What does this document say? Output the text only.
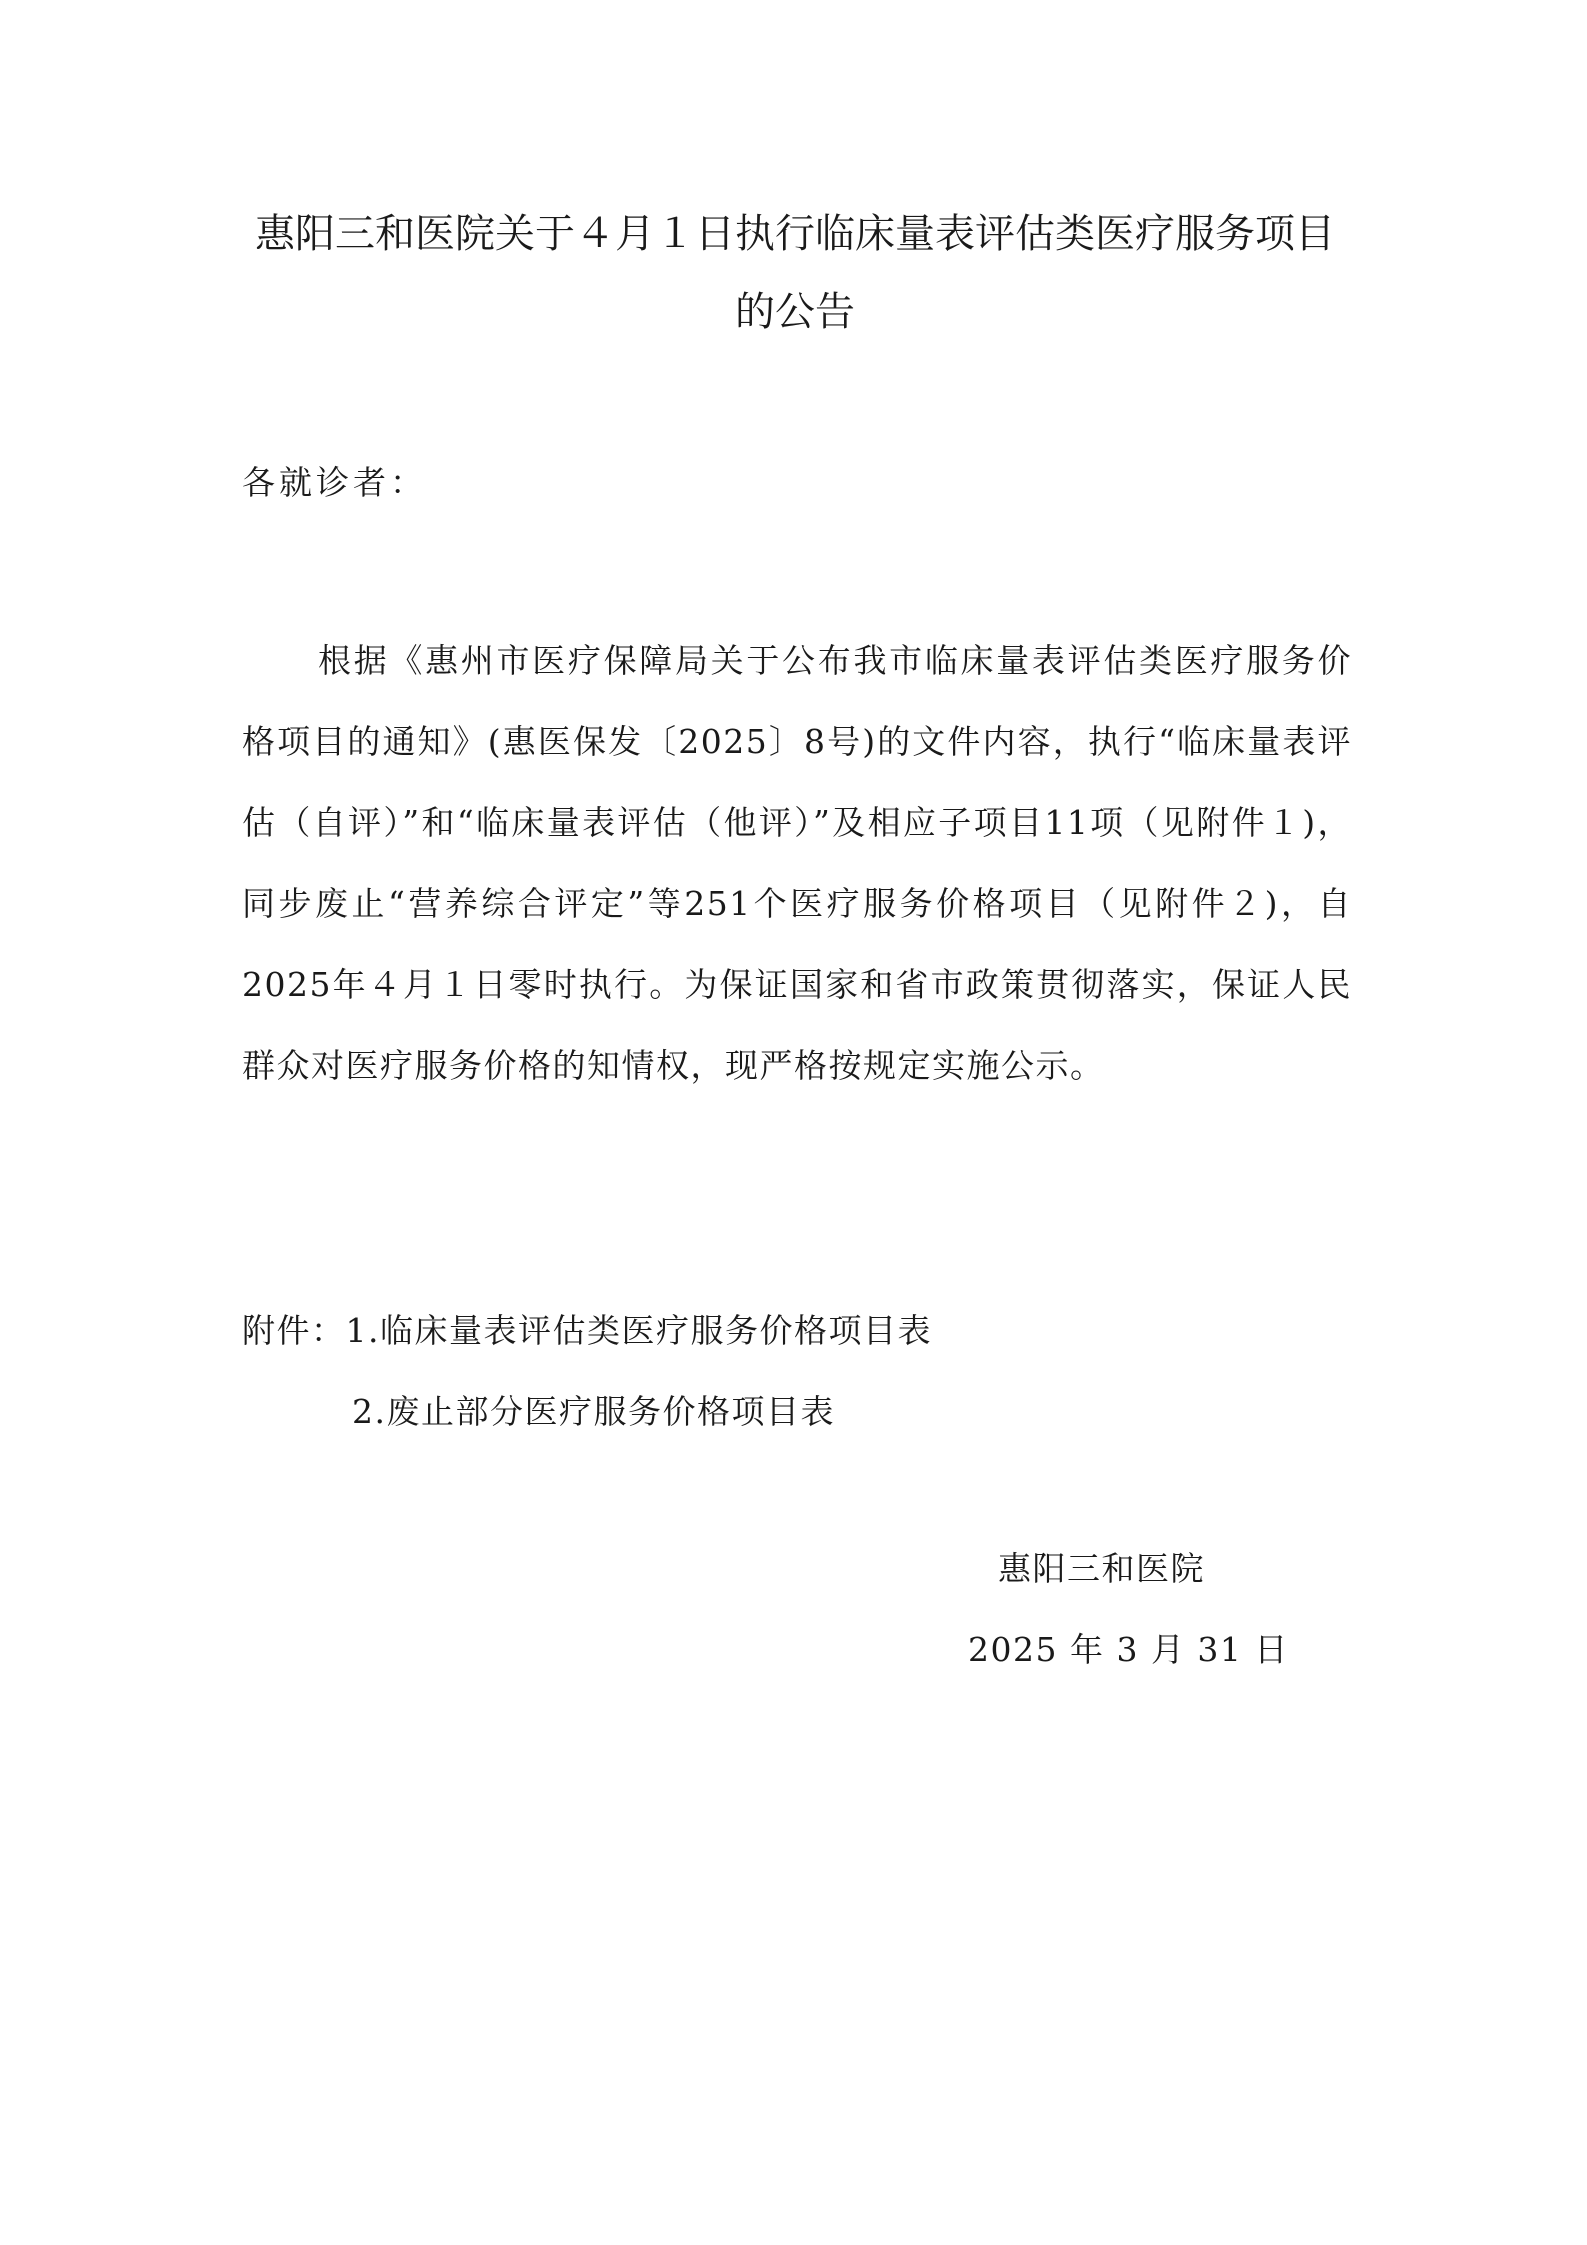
惠阳三和医院关于４月１日执行临床量表评估类医疗服务项目的公告

各就诊者：

根据《惠州市医疗保障局关于公布我市临床量表评估类医疗服务价格项目的通知》(惠医保发〔2025〕8号)的文件内容，执行“临床量表评估（自评）”和“临床量表评估（他评）”及相应子项目11项（见附件１)，同步废止“营养综合评定”等251个医疗服务价格项目（见附件２)，自2025年４月１日零时执行。为保证国家和省市政策贯彻落实，保证人民群众对医疗服务价格的知情权，现严格按规定实施公示。

附件：1.临床量表评估类医疗服务价格项目表
2.废止部分医疗服务价格项目表
惠阳三和医院
2025 年 3 月 31 日
